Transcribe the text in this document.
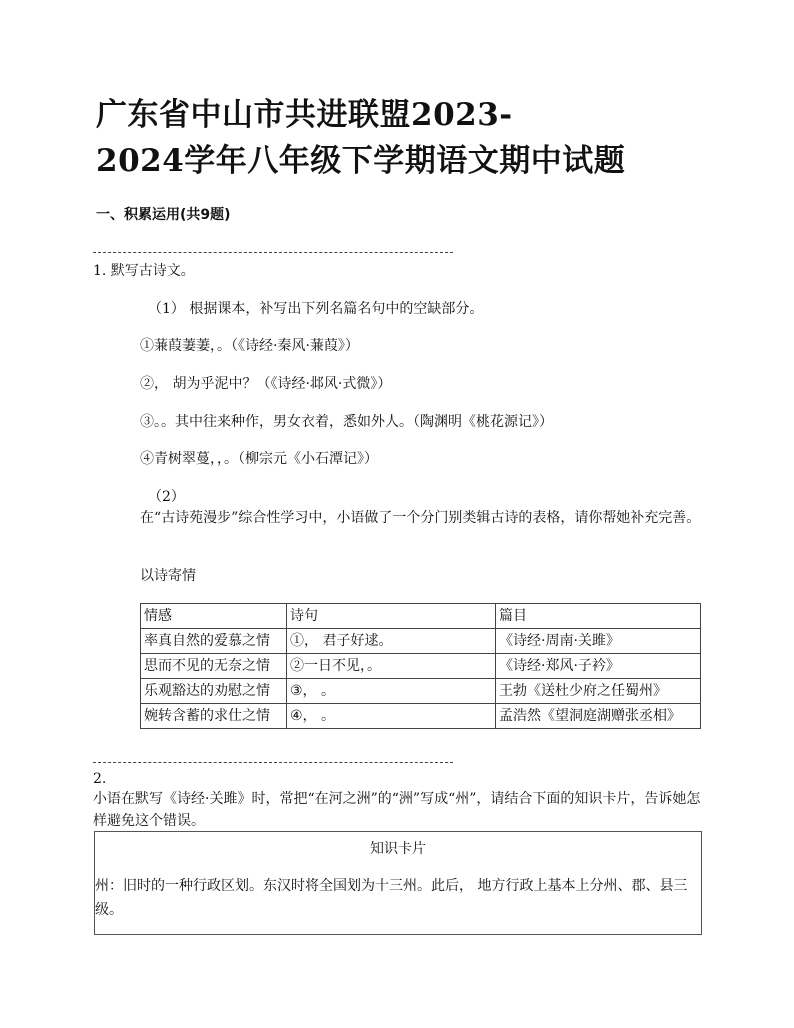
广东省中山市共进联盟2023-
2024学年八年级下学期语文期中试题
一、积累运用(共9题)
1. 默写古诗文。
（1） 根据课本，补写出下列名篇名句中的空缺部分。
①蒹葭萋萋，。（《诗经·秦风·蒹葭》）
②， 胡为乎泥中？（《诗经·邶风·式微》）
③。。其中往来种作，男女衣着，悉如外人。（陶渊明《桃花源记》）
④青树翠蔓，，。（柳宗元《小石潭记》）
（2）
在“古诗苑漫步”综合性学习中，小语做了一个分门别类辑古诗的表格，请你帮她补充完善。
以诗寄情
情感	诗句	篇目
率真自然的爱慕之情	①， 君子好逑。	《诗经·周南·关雎》
思而不见的无奈之情	②一日不见，。	《诗经·郑风·子衿》
乐观豁达的劝慰之情	③， 。	王勃《送杜少府之任蜀州》
婉转含蓄的求仕之情	④， 。	孟浩然《望洞庭湖赠张丞相》
2.
小语在默写《诗经·关雎》时，常把“在河之洲”的“洲”写成“州”，请结合下面的知识卡片，告诉她怎样避免这个错误。
知识卡片
州：旧时的一种行政区划。东汉时将全国划为十三州。此后， 地方行政上基本上分州、郡、县三级。
